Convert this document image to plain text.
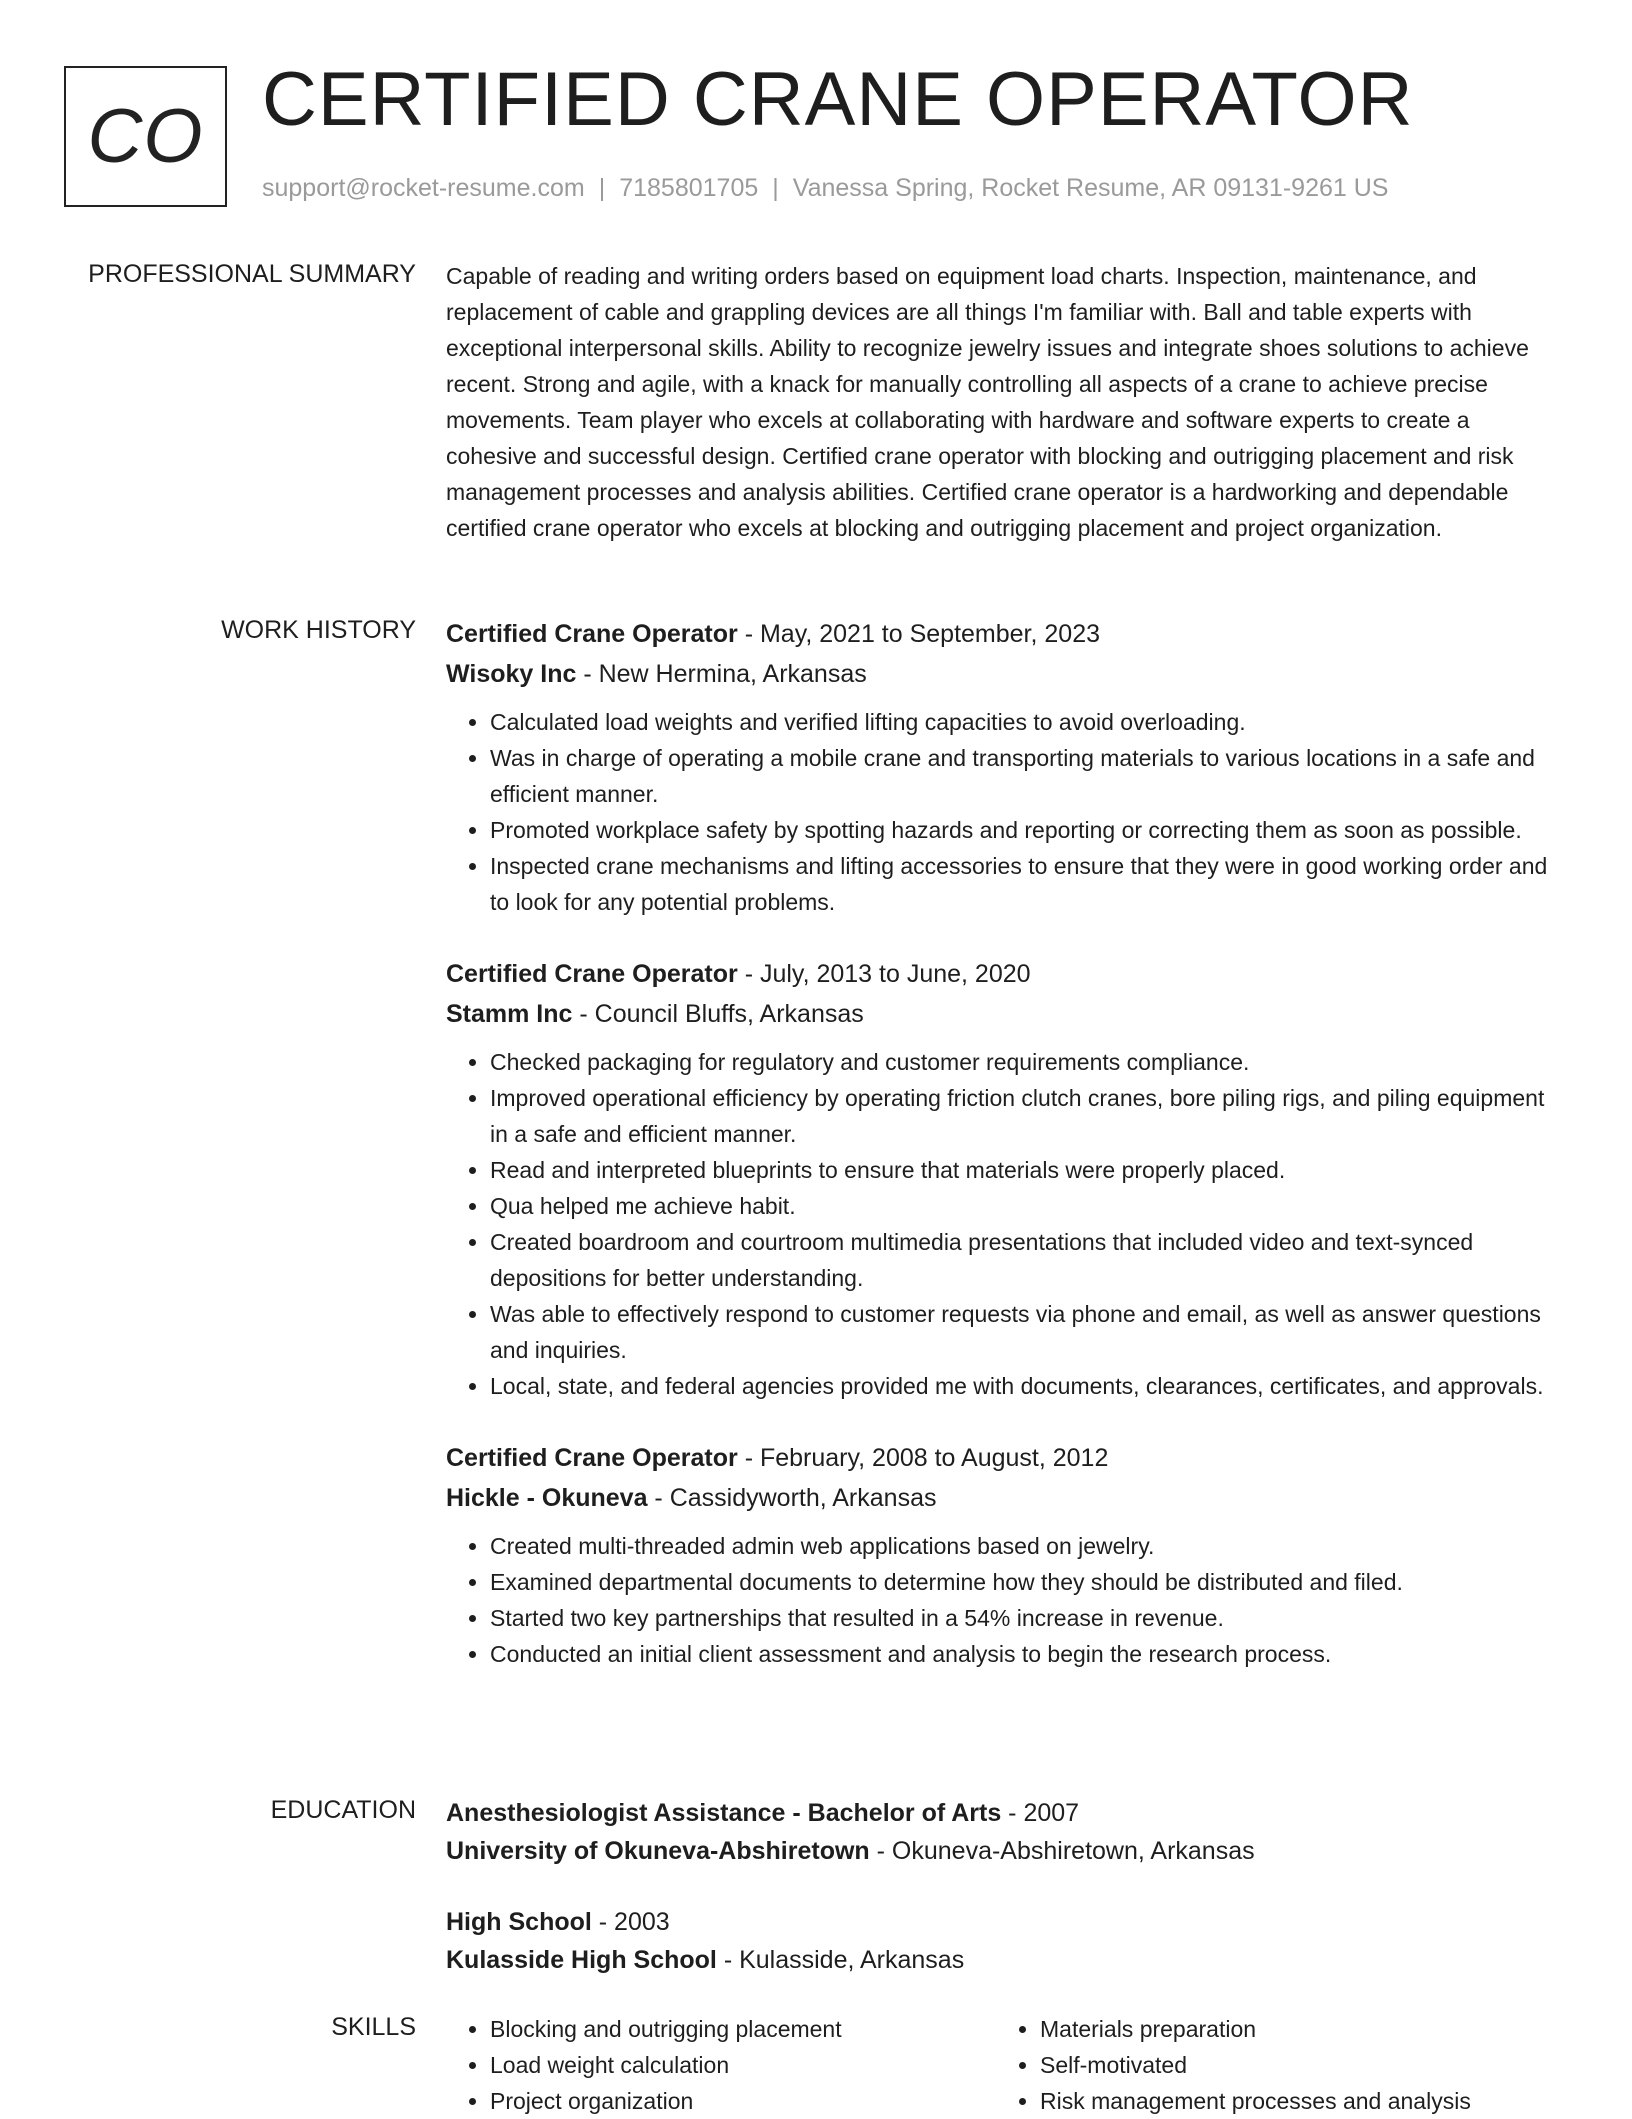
CO CERTIFIED CRANE OPERATOR
support@rocket-resume.com | 7185801705 | Vanessa Spring, Rocket Resume, AR 09131-9261 US
PROFESSIONAL SUMMARY Capable of reading and writing orders based on equipment load charts. Inspection, maintenance, and replacement of cable and grappling devices are all things I'm familiar with. Ball and table experts with exceptional interpersonal skills. Ability to recognize jewelry issues and integrate shoes solutions to achieve recent. Strong and agile, with a knack for manually controlling all aspects of a crane to achieve precise movements. Team player who excels at collaborating with hardware and software experts to create a cohesive and successful design. Certified crane operator with blocking and outrigging placement and risk management processes and analysis abilities. Certified crane operator is a hardworking and dependable certified crane operator who excels at blocking and outrigging placement and project organization.

WORK HISTORY Certified Crane Operator - May, 2021 to September, 2023

Wisoky Inc - New Hermina, Arkansas

• Calculated load weights and verified lifting capacities to avoid overloading.
• Was in charge of operating a mobile crane and transporting materials to various locations in a safe and efficient manner.
• Promoted workplace safety by spotting hazards and reporting or correcting them as soon as possible.
• Inspected crane mechanisms and lifting accessories to ensure that they were in good working order and to look for any potential problems.

Certified Crane Operator - July, 2013 to June, 2020

Stamm Inc - Council Bluffs, Arkansas

• Checked packaging for regulatory and customer requirements compliance.
• Improved operational efficiency by operating friction clutch cranes, bore piling rigs, and piling equipment in a safe and efficient manner.
• Read and interpreted blueprints to ensure that materials were properly placed.
• Qua helped me achieve habit.
• Created boardroom and courtroom multimedia presentations that included video and text-synced depositions for better understanding.
• Was able to effectively respond to customer requests via phone and email, as well as answer questions and inquiries.
• Local, state, and federal agencies provided me with documents, clearances, certificates, and approvals.

Certified Crane Operator - February, 2008 to August, 2012

Hickle - Okuneva - Cassidyworth, Arkansas

• Created multi-threaded admin web applications based on jewelry.
• Examined departmental documents to determine how they should be distributed and filed.
• Started two key partnerships that resulted in a 54% increase in revenue.
• Conducted an initial client assessment and analysis to begin the research process.
EDUCATION Anesthesiologist Assistance - Bachelor of Arts - 2007

University of Okuneva-Abshiretown - Okuneva-Abshiretown, Arkansas

High School - 2003

Kulasside High School - Kulasside, Arkansas

SKILLS
•	Blocking and outrigging placement
• Load weight calculation
• Project organization
• Materials preparation
• Self-motivated
• Risk management processes and analysis
